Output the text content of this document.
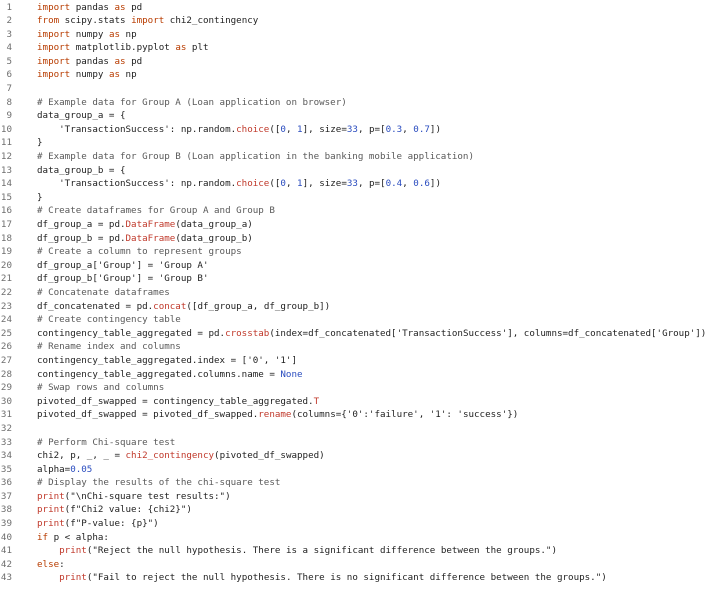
1	import pandas as pd
2	from scipy.stats import chi2_contingency
3	import numpy as np
4	import matplotlib.pyplot as plt
5	import pandas as pd
6	import numpy as np
7
8	# Example data for Group A (Loan application on browser)
9	data_group_a = {
10	'TransactionSuccess': np.random.choice([0, 1], size=33, p=[0.3, 0.7])
11	}
12	# Example data for Group B (Loan application in the banking mobile application)
13	data_group_b = {
14	'TransactionSuccess': np.random.choice([0, 1], size=33, p=[0.4, 0.6])
15	}
16	# Create dataframes for Group A and Group B
17	df_group_a = pd.DataFrame(data_group_a)
18	df_group_b = pd.DataFrame(data_group_b)
19	# Create a column to represent groups
20	df_group_a['Group'] = 'Group A'
21	df_group_b['Group'] = 'Group B'
22	# Concatenate dataframes
23	df_concatenated = pd.concat([df_group_a, df_group_b])
24	# Create contingency table
25	contingency_table_aggregated = pd.crosstab(index=df_concatenated['TransactionSuccess'], columns=df_concatenated['Group'])
26	# Rename index and columns
27	contingency_table_aggregated.index = ['0', '1']
28	contingency_table_aggregated.columns.name = None
29	# Swap rows and columns
30	pivoted_df_swapped = contingency_table_aggregated.T
31	pivoted_df_swapped = pivoted_df_swapped.rename(columns={'0':'failure', '1': 'success'})
32
33	# Perform Chi-square test
34	chi2, p, _, _ = chi2_contingency(pivoted_df_swapped)
35	alpha=0.05
36	# Display the results of the chi-square test
37	print("\nChi-square test results:")
38	print(f"Chi2 value: {chi2}")
39	print(f"P-value: {p}")
40	if p < alpha:
41	print("Reject the null hypothesis. There is a significant difference between the groups.")
42	else:
43	print("Fail to reject the null hypothesis. There is no significant difference between the groups.")
